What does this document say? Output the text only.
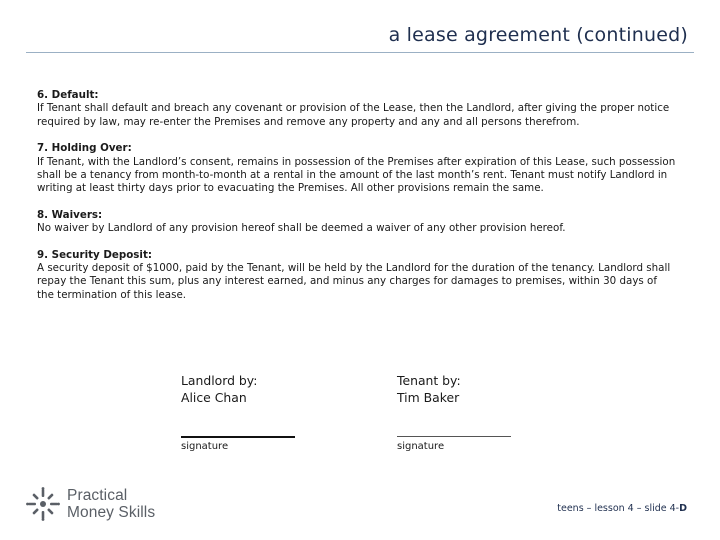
a lease agreement (continued)
6. Default:
If Tenant shall default and breach any covenant or provision of the Lease, then the Landlord, after giving the proper notice required by law, may re-enter the Premises and remove any property and any and all persons therefrom.
7. Holding Over:
If Tenant, with the Landlord’s consent, remains in possession of the Premises after expiration of this Lease, such possession shall be a tenancy from month-to-month at a rental in the amount of the last month’s rent. Tenant must notify Landlord in writing at least thirty days prior to evacuating the Premises. All other provisions remain the same.
8. Waivers:
No waiver by Landlord of any provision hereof shall be deemed a waiver of any other provision hereof.
9. Security Deposit:
A security deposit of $1000, paid by the Tenant, will be held by the Landlord for the duration of the tenancy. Landlord shall repay the Tenant this sum, plus any interest earned, and minus any charges for damages to premises, within 30 days of the termination of this lease.
Landlord by:
Alice Chan
Tenant by:
Tim Baker
signature	signature
Practical
Money Skills	teens – lesson 4 – slide 4-D
